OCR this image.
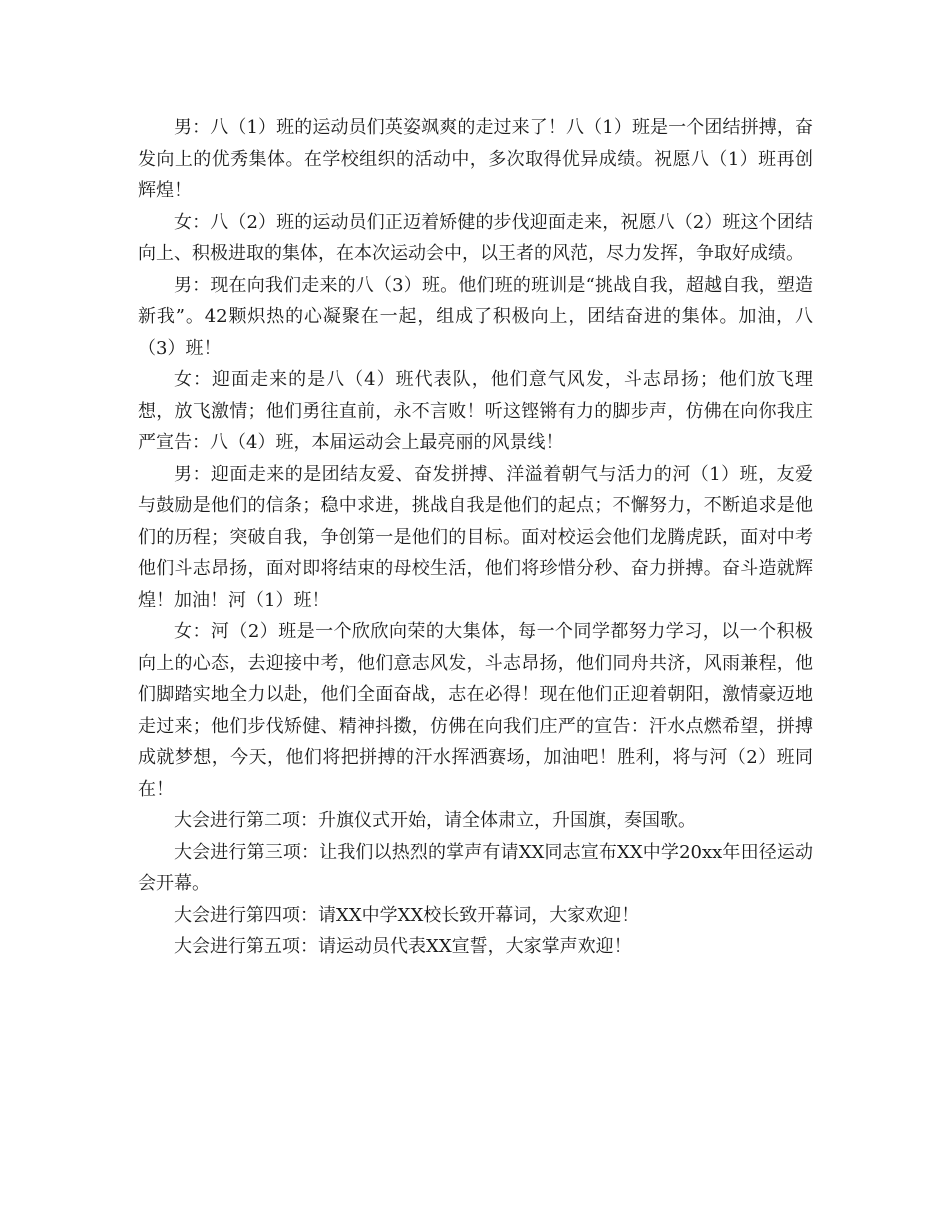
男：八（1）班的运动员们英姿飒爽的走过来了！八（1）班是一个团结拼搏，奋发向上的优秀集体。在学校组织的活动中，多次取得优异成绩。祝愿八（1）班再创辉煌！

女：八（2）班的运动员们正迈着矫健的步伐迎面走来，祝愿八（2）班这个团结向上、积极进取的集体，在本次运动会中，以王者的风范，尽力发挥，争取好成绩。

男：现在向我们走来的八（3）班。他们班的班训是“挑战自我，超越自我，塑造新我”。42颗炽热的心凝聚在一起，组成了积极向上，团结奋进的集体。加油，八（3）班！

女：迎面走来的是八（4）班代表队，他们意气风发，斗志昂扬；他们放飞理想，放飞激情；他们勇往直前，永不言败！听这铿锵有力的脚步声，仿佛在向你我庄严宣告：八（4）班，本届运动会上最亮丽的风景线！

男：迎面走来的是团结友爱、奋发拼搏、洋溢着朝气与活力的河（1）班，友爱与鼓励是他们的信条；稳中求进，挑战自我是他们的起点；不懈努力，不断追求是他们的历程；突破自我，争创第一是他们的目标。面对校运会他们龙腾虎跃，面对中考他们斗志昂扬，面对即将结束的母校生活，他们将珍惜分秒、奋力拼搏。奋斗造就辉煌！加油！河（1）班！

女：河（2）班是一个欣欣向荣的大集体，每一个同学都努力学习，以一个积极向上的心态，去迎接中考，他们意志风发，斗志昂扬，他们同舟共济，风雨兼程，他们脚踏实地全力以赴，他们全面奋战，志在必得！现在他们正迎着朝阳，激情豪迈地走过来；他们步伐矫健、精神抖擞，仿佛在向我们庄严的宣告：汗水点燃希望，拼搏成就梦想，今天，他们将把拼搏的汗水挥洒赛场，加油吧！胜利，将与河（2）班同在！

大会进行第二项：升旗仪式开始，请全体肃立，升国旗，奏国歌。

大会进行第三项：让我们以热烈的掌声有请XX同志宣布XX中学20xx年田径运动会开幕。

大会进行第四项：请XX中学XX校长致开幕词，大家欢迎！

大会进行第五项：请运动员代表XX宣誓，大家掌声欢迎！
